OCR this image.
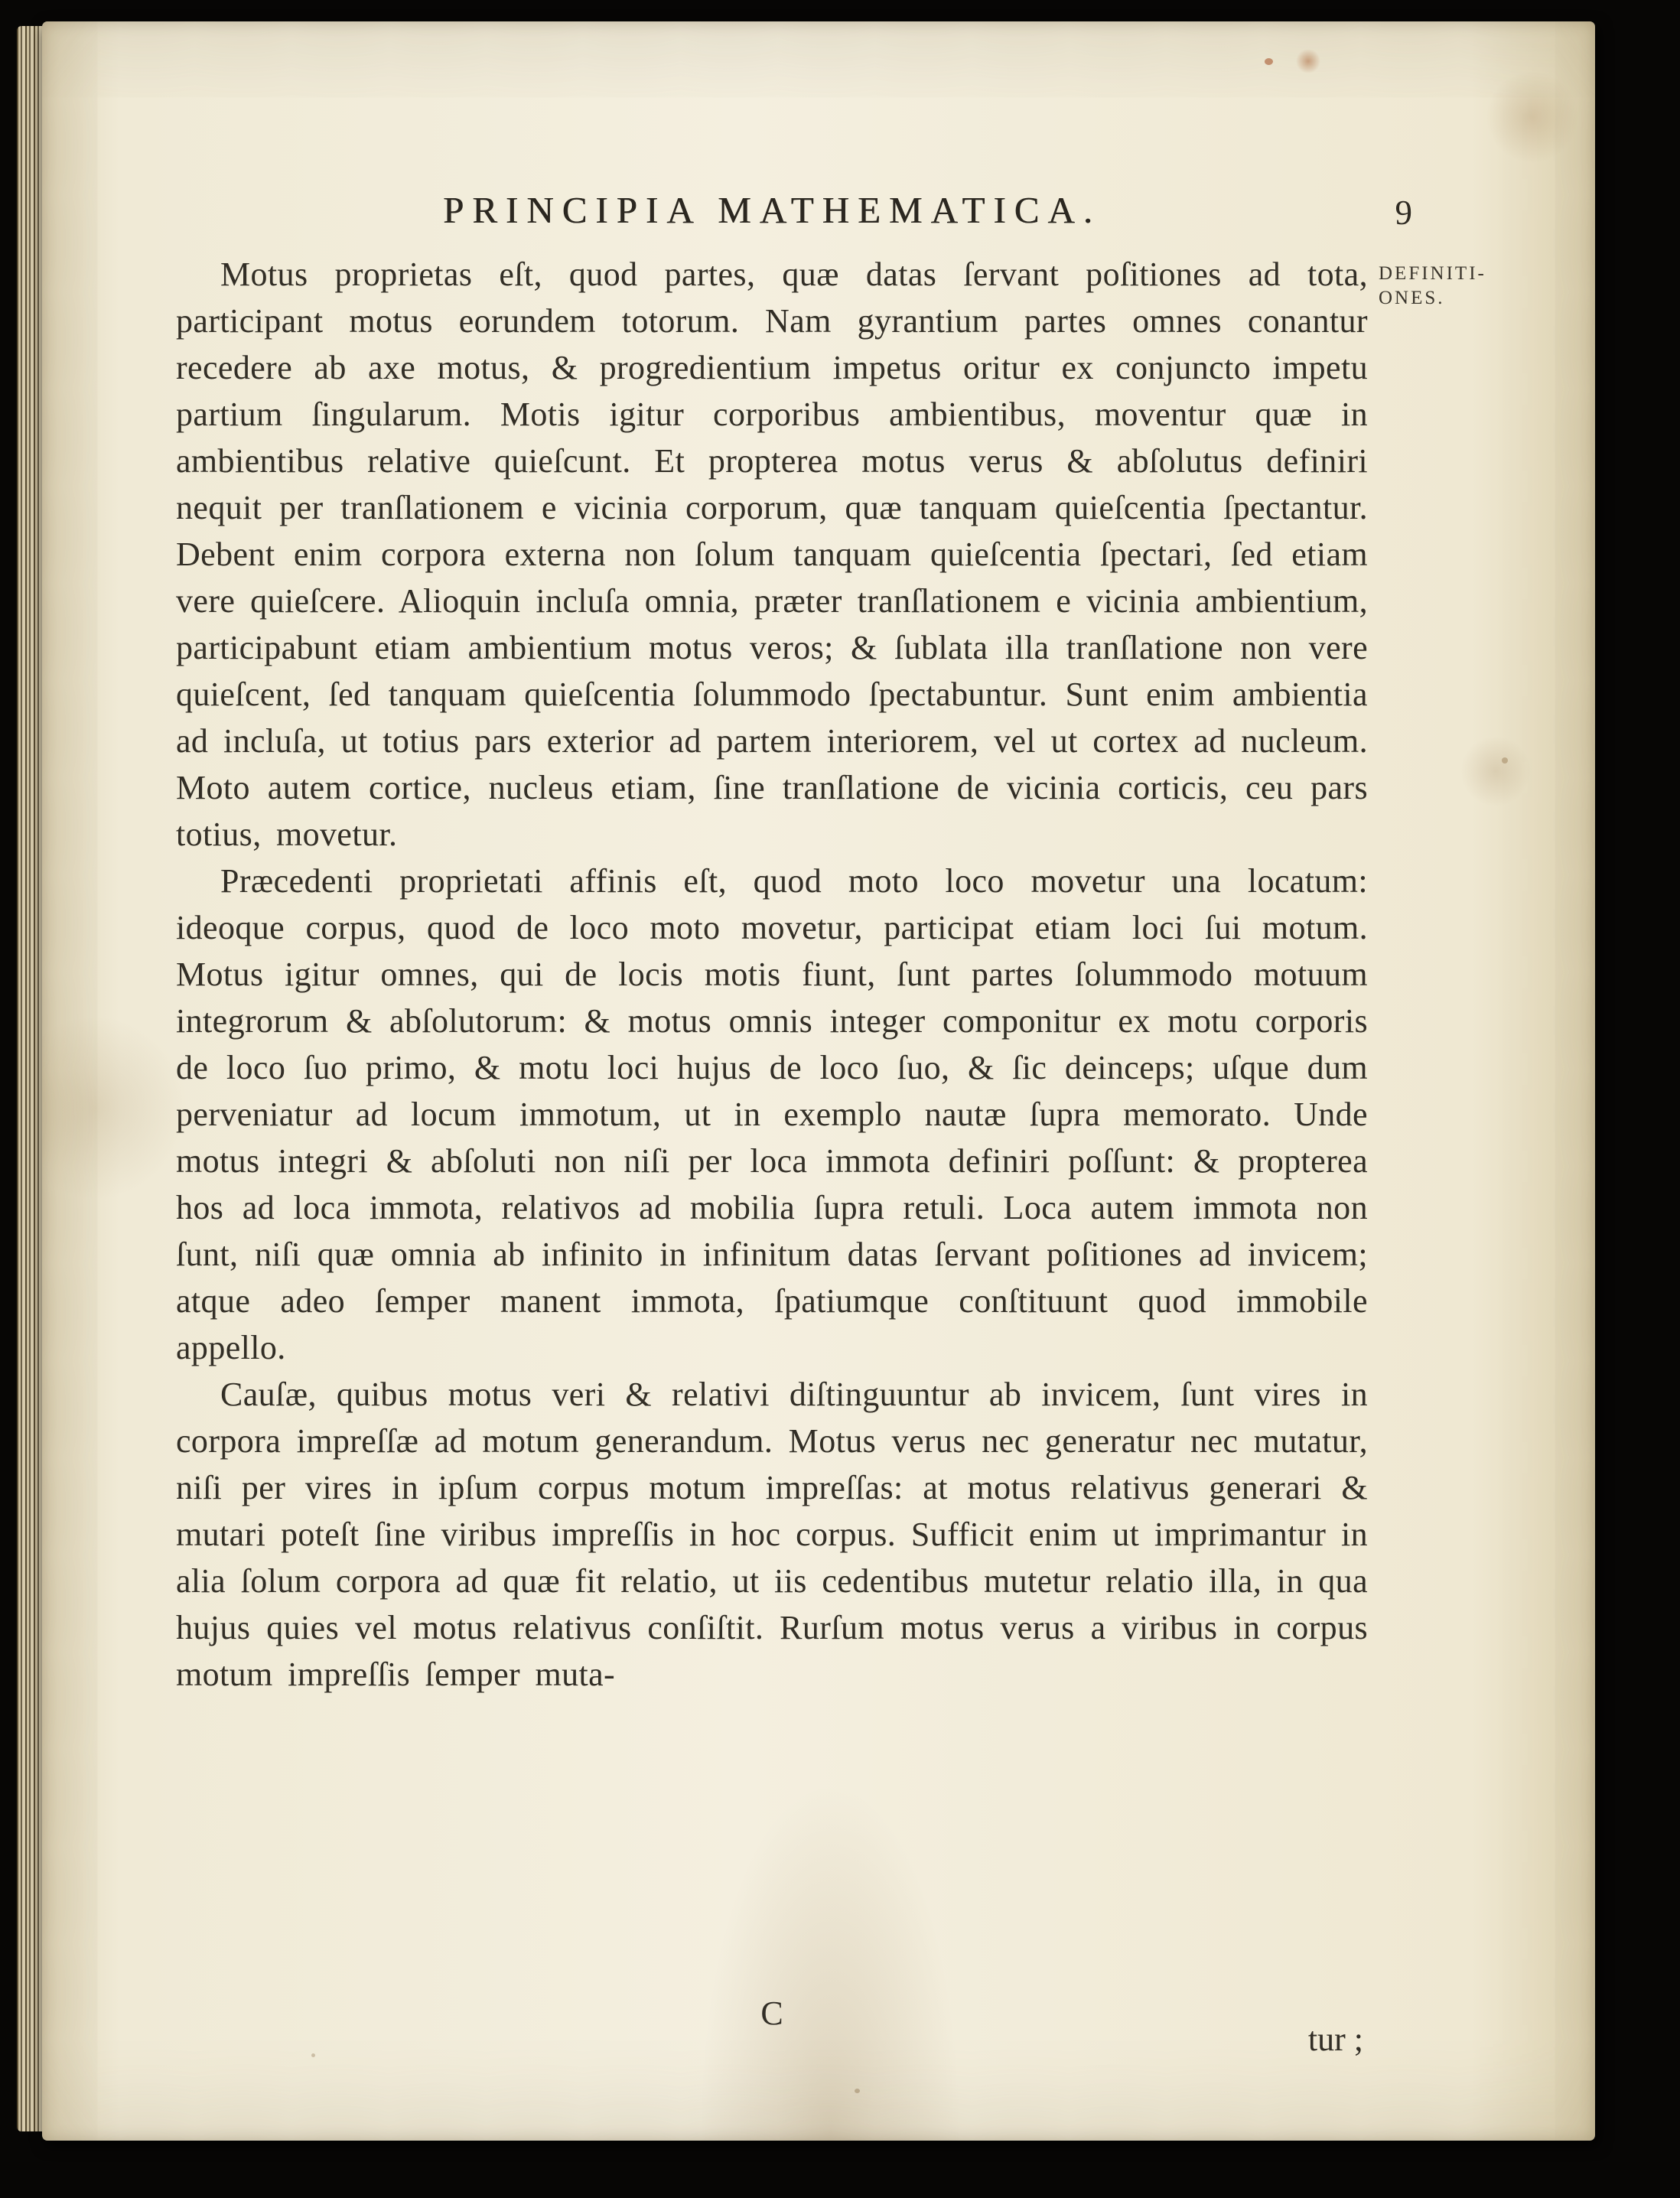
PRINCIPIA MATHEMATICA.	9
DEFINITI-
ONES.

Motus proprietas eſt, quod partes, quæ datas ſervant poſitiones ad tota, participant motus eorundem totorum. Nam gyrantium partes omnes conantur recedere ab axe motus, & progredientium impetus oritur ex conjuncto impetu partium ſingularum. Motis igitur corporibus ambientibus, moventur quæ in ambientibus relative quieſcunt. Et propterea motus verus & abſolutus definiri nequit per tranſlationem e vicinia corporum, quæ tanquam quieſcentia ſpectantur. Debent enim corpora externa non ſolum tanquam quieſcentia ſpectari, ſed etiam vere quieſcere. Alioquin incluſa omnia, præter tranſlationem e vicinia ambientium, participabunt etiam ambientium motus veros; & ſublata illa tranſlatione non vere quieſcent, ſed tanquam quieſcentia ſolummodo ſpectabuntur. Sunt enim ambientia ad incluſa, ut totius pars exterior ad partem interiorem, vel ut cortex ad nucleum. Moto autem cortice, nucleus etiam, ſine tranſlatione de vicinia corticis, ceu pars totius, movetur.

Præcedenti proprietati affinis eſt, quod moto loco movetur una locatum: ideoque corpus, quod de loco moto movetur, participat etiam loci ſui motum. Motus igitur omnes, qui de locis motis fiunt, ſunt partes ſolummodo motuum integrorum & abſolutorum: & motus omnis integer componitur ex motu corporis de loco ſuo primo, & motu loci hujus de loco ſuo, & ſic deinceps; uſque dum perveniatur ad locum immotum, ut in exemplo nautæ ſupra memorato. Unde motus integri & abſoluti non niſi per loca immota definiri poſſunt: & propterea hos ad loca immota, relativos ad mobilia ſupra retuli. Loca autem immota non ſunt, niſi quæ omnia ab infinito in infinitum datas ſervant poſitiones ad invicem; atque adeo ſemper manent immota, ſpatiumque conſtituunt quod immobile appello.

Cauſæ, quibus motus veri & relativi diſtinguuntur ab invicem, ſunt vires in corpora impreſſæ ad motum generandum. Motus verus nec generatur nec mutatur, niſi per vires in ipſum corpus motum impreſſas: at motus relativus generari & mutari poteſt ſine viribus impreſſis in hoc corpus. Sufficit enim ut imprimantur in alia ſolum corpora ad quæ fit relatio, ut iis cedentibus mutetur relatio illa, in qua hujus quies vel motus relativus conſiſtit. Rurſum motus verus a viribus in corpus motum impreſſis ſemper muta-

C
tur ;
